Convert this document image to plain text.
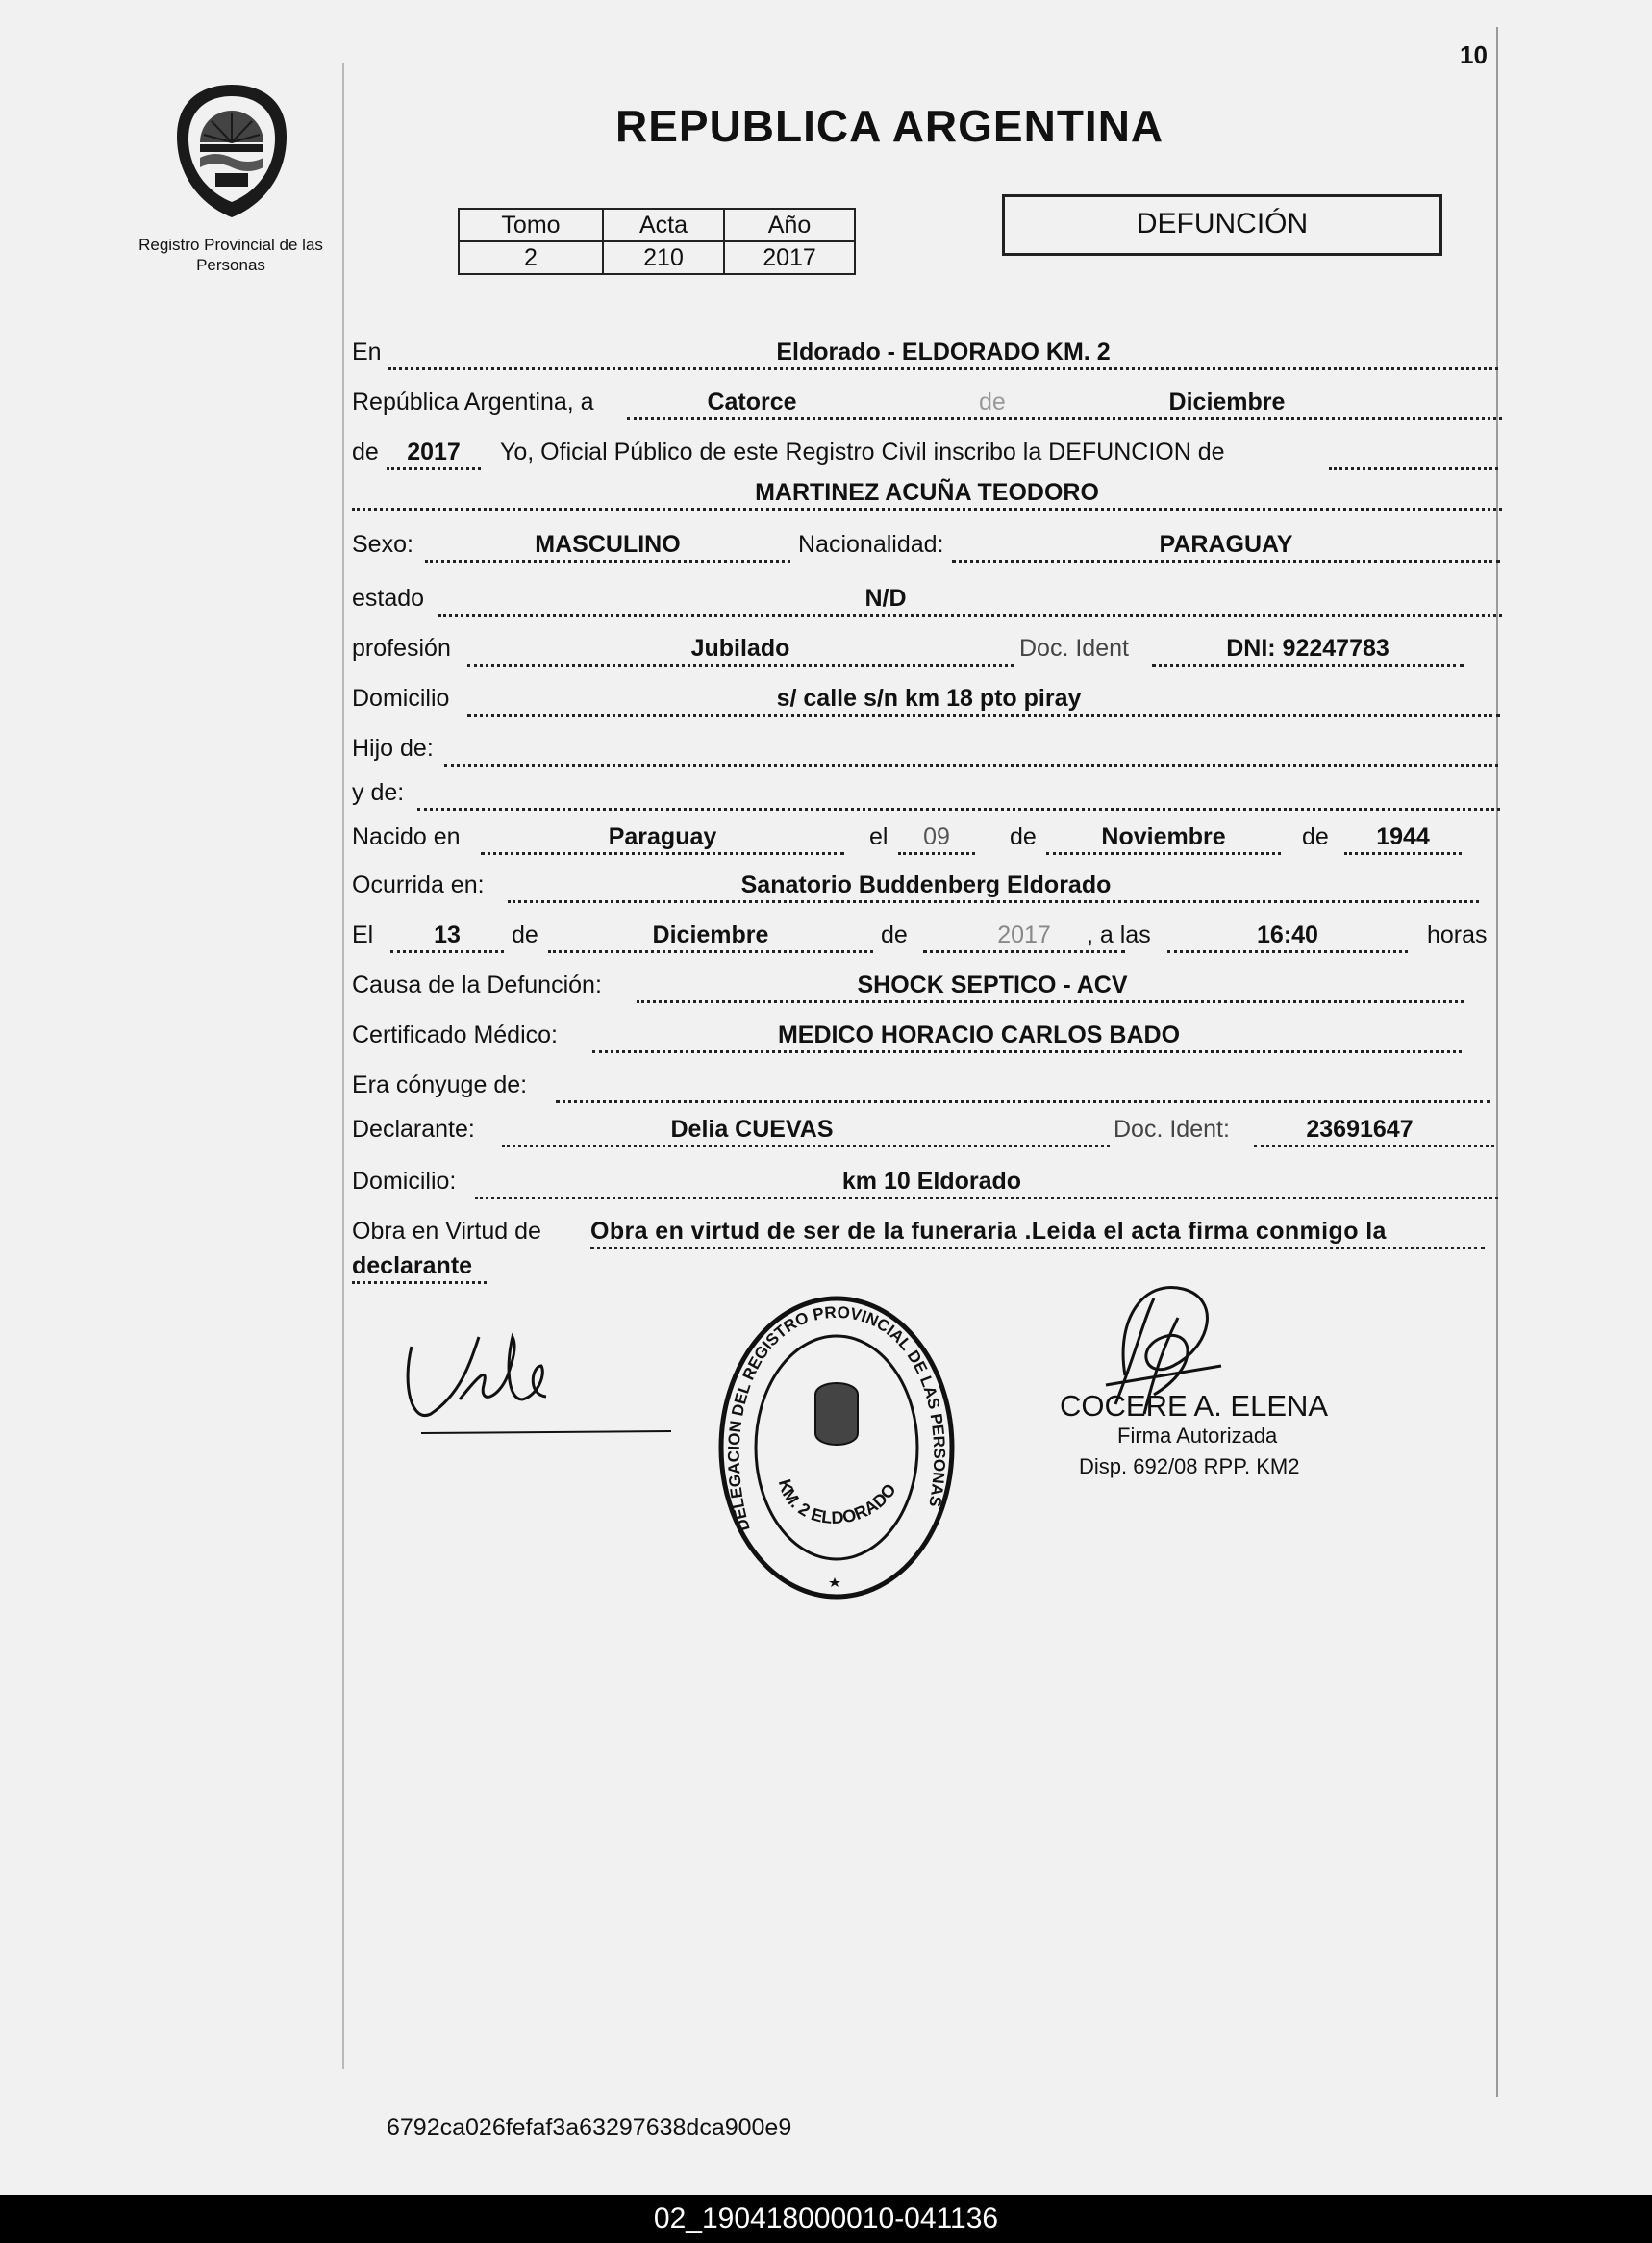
10
Registro Provincial de las Personas
REPUBLICA ARGENTINA
Tomo	Acta	Año
2	210	2017
DEFUNCIÓN
En	Eldorado - ELDORADO KM. 2
República Argentina, a	Catorce	de	Diciembre
de	2017	Yo, Oficial Público de este Registro Civil inscribo la DEFUNCION de
MARTINEZ ACUÑA TEODORO
Sexo:	MASCULINO	Nacionalidad:	PARAGUAY
estado	N/D
profesión	Jubilado	Doc. Ident	DNI: 92247783
Domicilio	s/ calle s/n km 18 pto piray
Hijo de:
y de:
Nacido en	Paraguay	el	09	de	Noviembre	de	1944
Ocurrida en:	Sanatorio Buddenberg Eldorado
El	13	de	Diciembre	de	2017	, a las	16:40	horas
Causa de la Defunción:	SHOCK SEPTICO - ACV
Certificado Médico:	MEDICO HORACIO CARLOS BADO
Era cónyuge de:
Declarante:	Delia CUEVAS	Doc. Ident:	23691647
Domicilio:	km 10 Eldorado
Obra en Virtud de Obra en virtud de ser de la funeraria .Leida el acta firma conmigo la
declarante
DELEGACION DEL REGISTRO PROVINCIAL DE LAS PERSONAS
KM. 2 ELDORADO
COCERE A. ELENA
Firma Autorizada
Disp. 692/08 RPP. KM2
6792ca026fefaf3a63297638dca900e9
02_190418000010-041136
